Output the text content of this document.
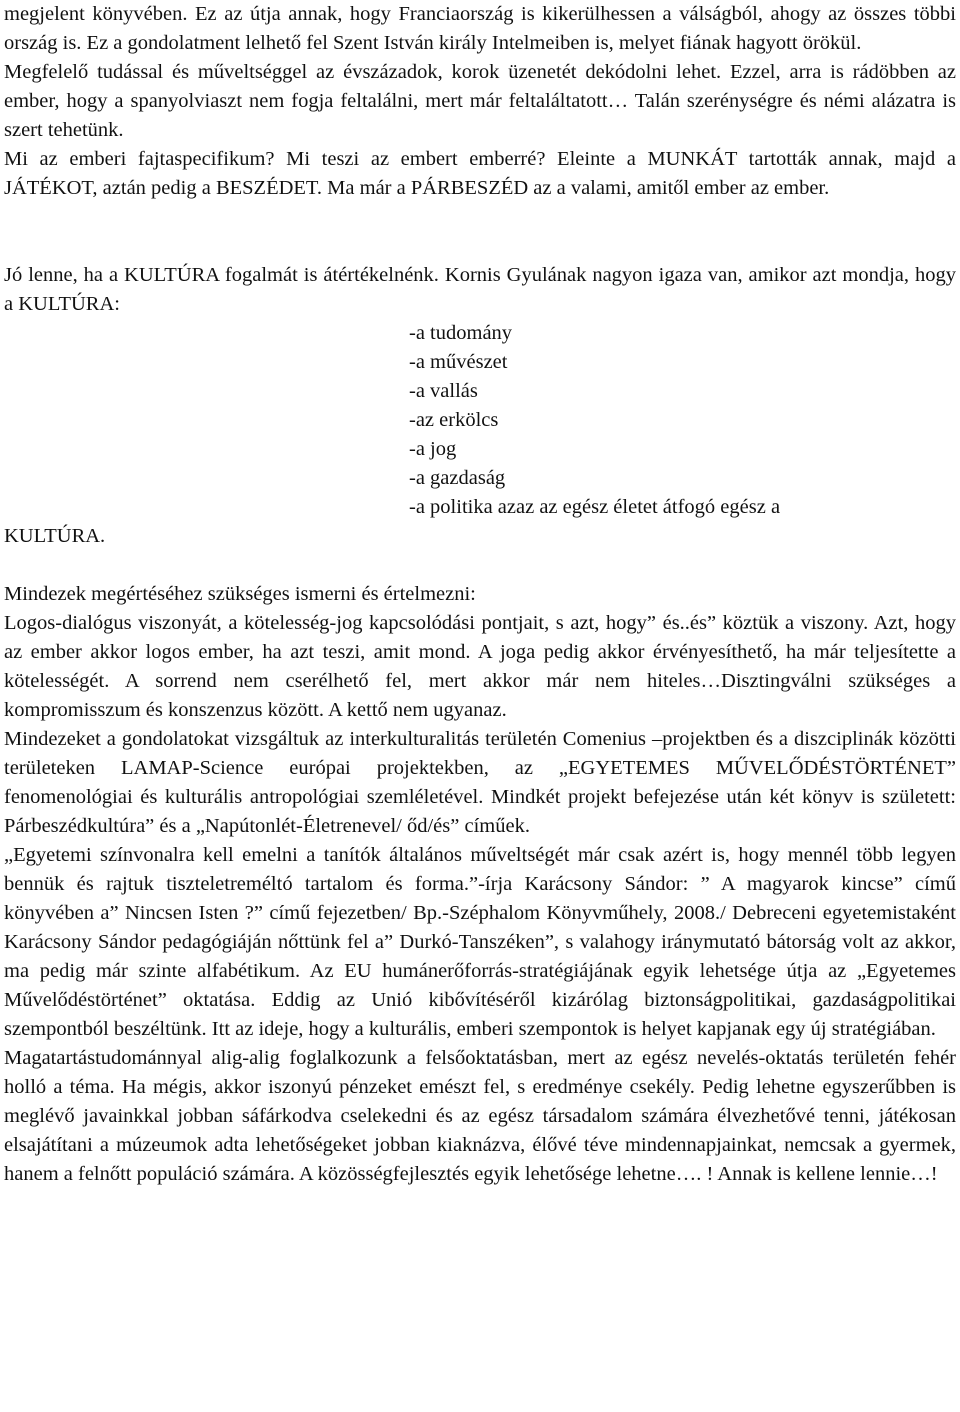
megjelent könyvében. Ez az útja annak, hogy Franciaország is kikerülhessen a válságból, ahogy az összes többi ország is. Ez a gondolatment lelhető fel Szent István király Intelmeiben is, melyet fiának hagyott örökül.

Megfelelő tudással és műveltséggel az évszázadok, korok üzenetét dekódolni lehet. Ezzel, arra is rádöbben az ember, hogy a spanyolviaszt nem fogja feltalálni, mert már feltaláltatott… Talán szerénységre és némi alázatra is szert tehetünk.

Mi az emberi fajtaspecifikum? Mi teszi az embert emberré? Eleinte a MUNKÁT tartották annak, majd a JÁTÉKOT, aztán pedig a BESZÉDET. Ma már a PÁRBESZÉD az a valami, amitől ember az ember.

Jó lenne, ha a KULTÚRA fogalmát is átértékelnénk. Kornis Gyulának nagyon igaza van, amikor azt mondja, hogy a KULTÚRA:

-a tudomány
-a művészet
-a vallás
-az erkölcs
-a jog
-a gazdaság
-a politika azaz az egész életet átfogó egész a

KULTÚRA.

Mindezek megértéséhez szükséges ismerni és értelmezni:

Logos-dialógus viszonyát, a kötelesség-jog kapcsolódási pontjait, s azt, hogy” és..és” köztük a viszony. Azt, hogy az ember akkor logos ember, ha azt teszi, amit mond. A joga pedig akkor érvényesíthető, ha már teljesítette a kötelességét. A sorrend nem cserélhető fel, mert akkor már nem hiteles…Disztingválni szükséges a kompromisszum és konszenzus között. A kettő nem ugyanaz.

Mindezeket a gondolatokat vizsgáltuk az interkulturalitás területén Comenius –projektben és a diszciplinák közötti területeken LAMAP-Science európai projektekben, az „EGYETEMES MŰVELŐDÉSTÖRTÉNET” fenomenológiai és kulturális antropológiai szemléletével. Mindkét projekt befejezése után két könyv is született: Párbeszédkultúra” és a „Napútonlét-Életrenevel/ őd/és” címűek.

„Egyetemi színvonalra kell emelni a tanítók általános műveltségét már csak azért is, hogy mennél több legyen bennük és rajtuk tiszteletreméltó tartalom és forma.”-írja Karácsony Sándor: ” A magyarok kincse” című könyvében a” Nincsen Isten ?” című fejezetben/ Bp.-Széphalom Könyvműhely, 2008./ Debreceni egyetemistaként Karácsony Sándor pedagógiáján nőttünk fel a” Durkó-Tanszéken”, s valahogy iránymutató bátorság volt az akkor, ma pedig már szinte alfabétikum. Az EU humánerőforrás-stratégiájának egyik lehetsége útja az „Egyetemes Művelődéstörténet” oktatása. Eddig az Unió kibővítéséről kizárólag biztonságpolitikai, gazdaságpolitikai szempontból beszéltünk. Itt az ideje, hogy a kulturális, emberi szempontok is helyet kapjanak egy új stratégiában.

Magatartástudománnyal alig-alig foglalkozunk a felsőoktatásban, mert az egész nevelés-oktatás területén fehér holló a téma. Ha mégis, akkor iszonyú pénzeket emészt fel, s eredménye csekély. Pedig lehetne egyszerűbben is meglévő javainkkal jobban sáfárkodva cselekedni és az egész társadalom számára élvezhetővé tenni, játékosan elsajátítani a múzeumok adta lehetőségeket jobban kiaknázva, élővé téve mindennapjainkat, nemcsak a gyermek, hanem a felnőtt populáció számára. A közösségfejlesztés egyik lehetősége lehetne…. ! Annak is kellene lennie…!
